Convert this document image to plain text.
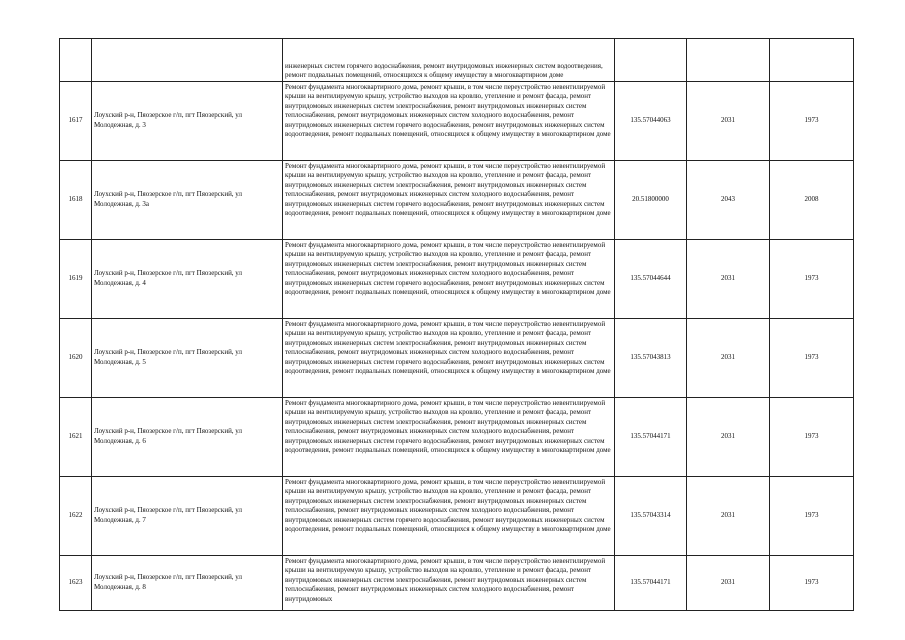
		инженерных систем горячего водоснабжения, ремонт внутридомовых инженерных систем водоотведения, ремонт подвальных помещений, относящихся к общему имуществу в многоквартирном доме			

1617	Лоухский р-н, Пяозерское г/п, пгт Пяозерский, ул Молодежная, д. 3	Ремонт фундамента многоквартирного дома, ремонт крыши, в том числе переустройство невентилируемой крыши на вентилируемую крышу, устройство выходов на кровлю, утепление и ремонт фасада, ремонт внутридомовых инженерных систем электроснабжения, ремонт внутридомовых инженерных систем теплоснабжения, ремонт внутридомовых инженерных систем холодного водоснабжения, ремонт внутридомовых инженерных систем горячего водоснабжения, ремонт внутридомовых инженерных систем водоотведения, ремонт подвальных помещений, относящихся к общему имуществу в многоквартирном доме	135.57044063	2031	1973
1618	Лоухский р-н, Пяозерское г/п, пгт Пяозерский, ул Молодежная, д. 3а	Ремонт фундамента многоквартирного дома, ремонт крыши, в том числе переустройство невентилируемой крыши на вентилируемую крышу, устройство выходов на кровлю, утепление и ремонт фасада, ремонт внутридомовых инженерных систем электроснабжения, ремонт внутридомовых инженерных систем теплоснабжения, ремонт внутридомовых инженерных систем холодного водоснабжения, ремонт внутридомовых инженерных систем горячего водоснабжения, ремонт внутридомовых инженерных систем водоотведения, ремонт подвальных помещений, относящихся к общему имуществу в многоквартирном доме	20.51800000	2043	2008
1619	Лоухский р-н, Пяозерское г/п, пгт Пяозерский, ул Молодежная, д. 4	Ремонт фундамента многоквартирного дома, ремонт крыши, в том числе переустройство невентилируемой крыши на вентилируемую крышу, устройство выходов на кровлю, утепление и ремонт фасада, ремонт внутридомовых инженерных систем электроснабжения, ремонт внутридомовых инженерных систем теплоснабжения, ремонт внутридомовых инженерных систем холодного водоснабжения, ремонт внутридомовых инженерных систем горячего водоснабжения, ремонт внутридомовых инженерных систем водоотведения, ремонт подвальных помещений, относящихся к общему имуществу в многоквартирном доме	135.57044644	2031	1973
1620	Лоухский р-н, Пяозерское г/п, пгт Пяозерский, ул Молодежная, д. 5	Ремонт фундамента многоквартирного дома, ремонт крыши, в том числе переустройство невентилируемой крыши на вентилируемую крышу, устройство выходов на кровлю, утепление и ремонт фасада, ремонт внутридомовых инженерных систем электроснабжения, ремонт внутридомовых инженерных систем теплоснабжения, ремонт внутридомовых инженерных систем холодного водоснабжения, ремонт внутридомовых инженерных систем горячего водоснабжения, ремонт внутридомовых инженерных систем водоотведения, ремонт подвальных помещений, относящихся к общему имуществу в многоквартирном доме	135.57043813	2031	1973
1621	Лоухский р-н, Пяозерское г/п, пгт Пяозерский, ул Молодежная, д. 6	Ремонт фундамента многоквартирного дома, ремонт крыши, в том числе переустройство невентилируемой крыши на вентилируемую крышу, устройство выходов на кровлю, утепление и ремонт фасада, ремонт внутридомовых инженерных систем электроснабжения, ремонт внутридомовых инженерных систем теплоснабжения, ремонт внутридомовых инженерных систем холодного водоснабжения, ремонт внутридомовых инженерных систем горячего водоснабжения, ремонт внутридомовых инженерных систем водоотведения, ремонт подвальных помещений, относящихся к общему имуществу в многоквартирном доме	135.57044171	2031	1973
1622	Лоухский р-н, Пяозерское г/п, пгт Пяозерский, ул Молодежная, д. 7	Ремонт фундамента многоквартирного дома, ремонт крыши, в том числе переустройство невентилируемой крыши на вентилируемую крышу, устройство выходов на кровлю, утепление и ремонт фасада, ремонт внутридомовых инженерных систем электроснабжения, ремонт внутридомовых инженерных систем теплоснабжения, ремонт внутридомовых инженерных систем холодного водоснабжения, ремонт внутридомовых инженерных систем горячего водоснабжения, ремонт внутридомовых инженерных систем водоотведения, ремонт подвальных помещений, относящихся к общему имуществу в многоквартирном доме	135.57043314	2031	1973
1623	Лоухский р-н, Пяозерское г/п, пгт Пяозерский, ул Молодежная, д. 8	Ремонт фундамента многоквартирного дома, ремонт крыши, в том числе переустройство невентилируемой крыши на вентилируемую крышу, устройство выходов на кровлю, утепление и ремонт фасада, ремонт внутридомовых инженерных систем электроснабжения, ремонт внутридомовых инженерных систем теплоснабжения, ремонт внутридомовых инженерных систем холодного водоснабжения, ремонт внутридомовых	135.57044171	2031	1973
